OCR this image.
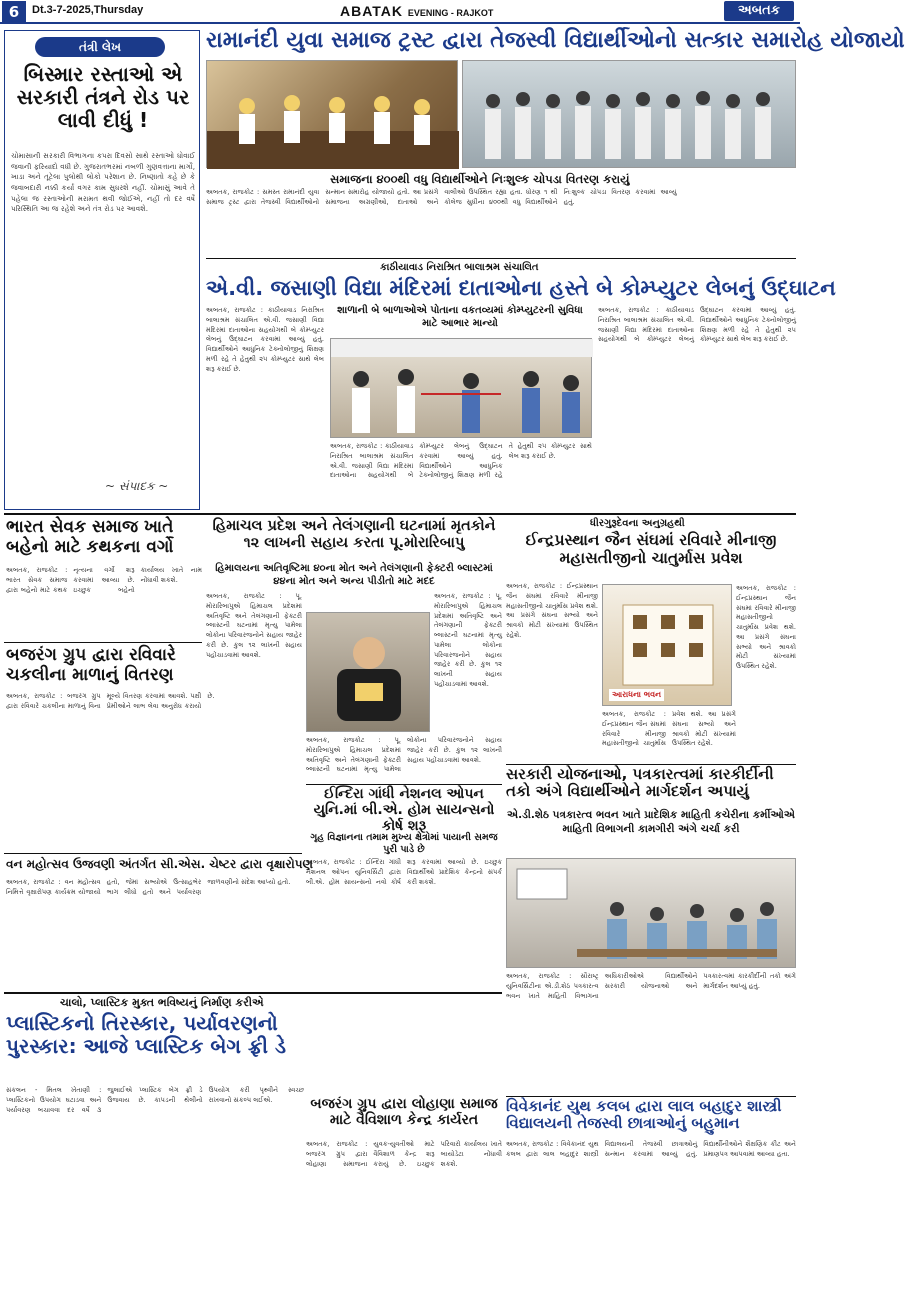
6	Dt.3-7-2025,Thursday	ABATAK EVENING - RAJKOT	અબતક
તંત્રી લેખ
બિસ્માર રસ્તાઓ એ સરકારી તંત્રને રોડ પર લાવી દીધું !
ચોમાસાની સરકારી વિભાગના કપરા દિવસો સાથે રસ્તાઓ ધોવાઈ જવાની ફરિયાદો વધી છે. ગુજરાતભરમાં નબળી ગુણવત્તાના માર્ગો, ખાડા અને તૂટેલા પુલોથી લોકો પરેશાન છે. નિષ્ણાતો કહે છે કે જવાબદારી નક્કી કર્યા વગર કામ સુધરશે નહીં. ચોમાસું આવે તે પહેલા જ રસ્તાઓની મરામત થવી જોઈએ, નહીં તો દર વર્ષે પરિસ્થિતિ આ જ રહેશે અને તંત્ર રોડ પર આવશે.
~ સંપાદક ~
રામાનંદી યુવા સમાજ ટ્રસ્ટ દ્વારા તેજસ્વી વિદ્યાર્થીઓનો સત્કાર સમારોહ યોજાયો
સમાજના ૪૦૦થી વધુ વિદ્યાર્થીઓને નિઃશુલ્ક ચોપડા વિતરણ કરાયું
અબતક, રાજકોટ : સમસ્ત રામાનંદી યુવા સમાજ ટ્રસ્ટ દ્વારા તેજસ્વી વિદ્યાર્થીઓનો સન્માન સમારોહ યોજાયો હતો. આ પ્રસંગે સમાજના અગ્રણીઓ, દાતાઓ અને વાલીઓ ઉપસ્થિત રહ્યા હતા. ધોરણ ૧ થી કોલેજ સુધીના ૪૦૦થી વધુ વિદ્યાર્થીઓને નિઃશુલ્ક ચોપડા વિતરણ કરવામાં આવ્યું હતું.
કાઠીયાવાડ નિરાશ્રિત બાલાશ્રમ સંચાલિત
એ.વી. જસાણી વિદ્યા મંદિરમાં દાતાઓના હસ્તે બે કોમ્પ્યુટર લેબનું ઉદ્ઘાટન
શાળાની બે બાળાઓએ પોતાના વકતવ્યમાં કોમ્પ્યુટરની સુવિધા માટે આભાર માન્યો
અબતક, રાજકોટ : કાઠીયાવાડ નિરાશ્રિત બાલાશ્રમ સંચાલિત એ.વી. જસાણી વિદ્યા મંદિરમાં દાતાઓના સહયોગથી બે કોમ્પ્યુટર લેબનું ઉદ્ઘાટન કરવામાં આવ્યું હતું. વિદ્યાર્થીઓને આધુનિક ટેક્નોલોજીનું શિક્ષણ મળી રહે તે હેતુથી ૨૫ કોમ્પ્યુટર સાથે લેબ શરૂ કરાઈ છે.
અબતક, રાજકોટ : કાઠીયાવાડ નિરાશ્રિત બાલાશ્રમ સંચાલિત એ.વી. જસાણી વિદ્યા મંદિરમાં દાતાઓના સહયોગથી બે કોમ્પ્યુટર લેબનું ઉદ્ઘાટન કરવામાં આવ્યું હતું. વિદ્યાર્થીઓને આધુનિક ટેક્નોલોજીનું શિક્ષણ મળી રહે તે હેતુથી ૨૫ કોમ્પ્યુટર સાથે લેબ શરૂ કરાઈ છે.
અબતક, રાજકોટ : કાઠીયાવાડ નિરાશ્રિત બાલાશ્રમ સંચાલિત એ.વી. જસાણી વિદ્યા મંદિરમાં દાતાઓના સહયોગથી બે કોમ્પ્યુટર લેબનું ઉદ્ઘાટન કરવામાં આવ્યું હતું. વિદ્યાર્થીઓને આધુનિક ટેક્નોલોજીનું શિક્ષણ મળી રહે તે હેતુથી ૨૫ કોમ્પ્યુટર સાથે લેબ શરૂ કરાઈ છે.
ભારત સેવક સમાજ ખાતે બહેનો માટે કથકના વર્ગો
અબતક, રાજકોટ : ભારત સેવક સમાજ દ્વારા બહેનો માટે કથક નૃત્યના વર્ગો શરૂ કરવામાં આવ્યા છે. ઇચ્છુક બહેનો કાર્યાલય ખાતે નામ નોંધાવી શકશે.
બજરંગ ગ્રુપ દ્વારા રવિવારે ચકલીના માળાનું વિતરણ
અબતક, રાજકોટ : બજરંગ ગ્રુપ દ્વારા રવિવારે ચકલીના માળાનું વિના મૂલ્યે વિતરણ કરવામાં આવશે. પક્ષી પ્રેમીઓને લાભ લેવા અનુરોધ કરાયો છે.
વન મહોત્સવ ઉજવણી અંતર્ગત સી.એસ. ચેષ્ટર દ્વારા વૃક્ષારોપણ
અબતક, રાજકોટ : વન મહોત્સવ નિમિત્તે વૃક્ષારોપણ કાર્યક્રમ યોજાયો હતો, જેમાં સભ્યોએ ઉત્સાહભેર ભાગ લીધો હતો અને પર્યાવરણ જાળવણીનો સંદેશ આપ્યો હતો.
હિમાચલ પ્રદેશ અને તેલંગણાની ઘટનામાં મૃતકોને ૧૨ લાખની સહાય કરતા પૂ.મોરારિબાપુ
હિમાલયના અતિવૃષ્ટિમા ૪૦ના મોત અને તેલંગણાની ફેક્ટરી બ્લાસ્ટમાં ૪૪ના મોત અને અન્ય પીડીતો માટે મદદ
અબતક, રાજકોટ : પૂ. મોરારિબાપુએ હિમાચલ પ્રદેશમાં અતિવૃષ્ટિ અને તેલંગણાની ફેક્ટરી બ્લાસ્ટની ઘટનામાં મૃત્યુ પામેલા લોકોના પરિવારજનોને સહાય જાહેર કરી છે. કુલ ૧૨ લાખની સહાય પહોંચાડવામાં આવશે.
અબતક, રાજકોટ : પૂ. મોરારિબાપુએ હિમાચલ પ્રદેશમાં અતિવૃષ્ટિ અને તેલંગણાની ફેક્ટરી બ્લાસ્ટની ઘટનામાં મૃત્યુ પામેલા લોકોના પરિવારજનોને સહાય જાહેર કરી છે. કુલ ૧૨ લાખની સહાય પહોંચાડવામાં આવશે.
અબતક, રાજકોટ : પૂ. મોરારિબાપુએ હિમાચલ પ્રદેશમાં અતિવૃષ્ટિ અને તેલંગણાની ફેક્ટરી બ્લાસ્ટની ઘટનામાં મૃત્યુ પામેલા લોકોના પરિવારજનોને સહાય જાહેર કરી છે. કુલ ૧૨ લાખની સહાય પહોંચાડવામાં આવશે.
ઈન્દિરા ગાંધી નેશનલ ઓપન યુનિ.માં બી.એ. હોમ સાયન્સનો કોર્ષ શરૂ
ગૃહ વિજ્ઞાનના તમામ મુખ્ય ક્ષેત્રોમાં પાયાની સમજ પુરી પાડે છે
અબતક, રાજકોટ : ઈન્દિરા ગાંધી નેશનલ ઓપન યુનિવર્સિટી દ્વારા બી.એ. હોમ સાયન્સનો નવો કોર્ષ શરૂ કરવામાં આવ્યો છે. ઇચ્છુક વિદ્યાર્થીઓ પ્રાદેશિક કેન્દ્રનો સંપર્ક કરી શકશે.
ધીરગુરૂદેવના અનુગ્રહથી
ઈન્દ્રપ્રસ્થાન જૈન સંઘમાં રવિવારે મીનાજી મહાસતીજીનો ચાતુર્માસ પ્રવેશ
અબતક, રાજકોટ : ઈન્દ્રપ્રસ્થાન જૈન સંઘમાં રવિવારે મીનાજી મહાસતીજીનો ચાતુર્માસ પ્રવેશ થશે. આ પ્રસંગે સંઘના સભ્યો અને શ્રાવકો મોટી સંખ્યામાં ઉપસ્થિત રહેશે.
આરાધના ભવન
અબતક, રાજકોટ : ઈન્દ્રપ્રસ્થાન જૈન સંઘમાં રવિવારે મીનાજી મહાસતીજીનો ચાતુર્માસ પ્રવેશ થશે. આ પ્રસંગે સંઘના સભ્યો અને શ્રાવકો મોટી સંખ્યામાં ઉપસ્થિત રહેશે.
અબતક, રાજકોટ : ઈન્દ્રપ્રસ્થાન જૈન સંઘમાં રવિવારે મીનાજી મહાસતીજીનો ચાતુર્માસ પ્રવેશ થશે. આ પ્રસંગે સંઘના સભ્યો અને શ્રાવકો મોટી સંખ્યામાં ઉપસ્થિત રહેશે.
સરકારી યોજનાઓ, પત્રકારત્વમાં કારકીર્દીની તકો અંગે વિદ્યાર્થીઓને માર્ગદર્શન અપાયું
એ.ડી.શેઠ પત્રકારત્વ ભવન ખાતે પ્રાદેશિક માહિતી કચેરીના કર્મીઓએ માહિતી વિભાગની કામગીરી અંગે ચર્ચા કરી
અબતક, રાજકોટ : સૌરાષ્ટ્ર યુનિવર્સિટીના એ.ડી.શેઠ પત્રકારત્વ ભવન ખાતે માહિતી વિભાગના અધિકારીઓએ વિદ્યાર્થીઓને સરકારી યોજનાઓ અને પત્રકારત્વમાં કારકીર્દીની તકો અંગે માર્ગદર્શન આપ્યું હતું.
ચાલો, પ્લાસ્ટિક મુક્ત ભવિષ્યનું નિર્માણ કરીએ
પ્લાસ્ટિકનો તિરસ્કાર, પર્યાવરણનો પુરસ્કાર: આજે પ્લાસ્ટિક બેગ ફ્રી ડે
સંકલન - મિતલ ખેતાણી : પ્લાસ્ટિકનો ઉપયોગ ઘટાડવા અને પર્યાવરણ બચાવવા દર વર્ષે ૩ જુલાઈએ પ્લાસ્ટિક બેગ ફ્રી ડે ઉજવાય છે. કાપડની થેલીનો ઉપયોગ કરી પૃથ્વીને સ્વચ્છ રાખવાનો સંકલ્પ લઈએ.	બજરંગ ગ્રુપ દ્વારા લોહાણા સમાજ માટે વૈવિશાળ કેન્દ્ર કાર્યરત
અબતક, રાજકોટ : બજરંગ ગ્રુપ દ્વારા લોહાણા સમાજના યુવક-યુવતીઓ માટે વૈવિશાળ કેન્દ્ર શરૂ કરાયું છે. ઇચ્છુક પરિવારો કાર્યાલય ખાતે બાયોડેટા નોંધાવી શકશે.
વિવેકાનંદ યુથ કલબ દ્વારા લાલ બહાદુર શાસ્ત્રી વિદ્યાલયની તેજસ્વી છાત્રાઓનું બહુમાન
અબતક, રાજકોટ : વિવેકાનંદ યુથ કલબ દ્વારા લાલ બહાદુર શાસ્ત્રી વિદ્યાલયની તેજસ્વી છાત્રાઓનું સન્માન કરવામાં આવ્યું હતું. વિદ્યાર્થીનીઓને શૈક્ષણિક કીટ અને પ્રમાણપત્ર આપવામાં આવ્યા હતા.
